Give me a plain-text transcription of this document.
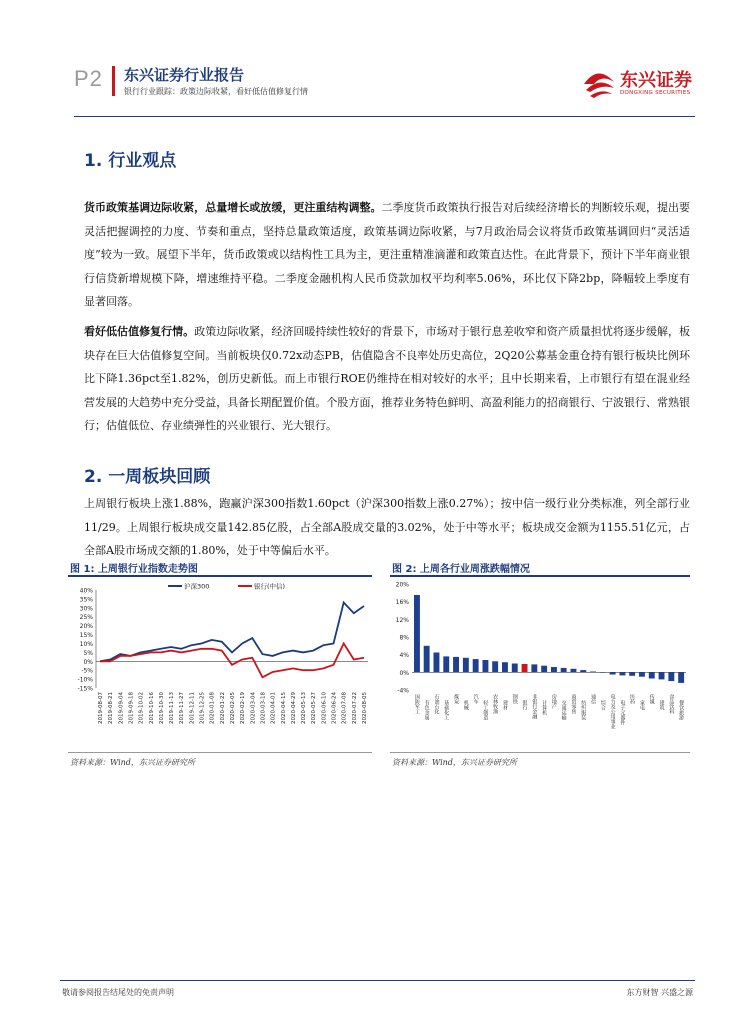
P2 东兴证券行业报告
银行行业跟踪：政策边际收紧，看好低估值修复行情
东兴证券
DONGXING SECURITIES
1. 行业观点
货币政策基调边际收紧，总量增长或放缓，更注重结构调整。二季度货币政策执行报告对后续经济增长的判断较乐观，提出要灵活把握调控的力度、节奏和重点，坚持总量政策适度，政策基调边际收紧，与7月政治局会议将货币政策基调回归“灵活适度”较为一致。展望下半年，货币政策或以结构性工具为主，更注重精准滴灌和政策直达性。在此背景下，预计下半年商业银行信贷新增规模下降，增速维持平稳。二季度金融机构人民币贷款加权平均利率5.06%，环比仅下降2bp，降幅较上季度有显著回落。
看好低估值修复行情。政策边际收紧，经济回暖持续性较好的背景下，市场对于银行息差收窄和资产质量担忧将逐步缓解，板块存在巨大估值修复空间。当前板块仅0.72x动态PB，估值隐含不良率处历史高位，2Q20公募基金重仓持有银行板块比例环比下降1.36pct至1.82%，创历史新低。而上市银行ROE仍维持在相对较好的水平；且中长期来看，上市银行有望在混业经营发展的大趋势中充分受益，具备长期配置价值。个股方面，推荐业务特色鲜明、高盈利能力的招商银行、宁波银行、常熟银行；估值低位、存业绩弹性的兴业银行、光大银行。
2. 一周板块回顾
上周银行板块上涨1.88%，跑赢沪深300指数1.60pct（沪深300指数上涨0.27%）；按中信一级行业分类标准，列全部行业11/29。上周银行板块成交量142.85亿股，占全部A股成交量的3.02%，处于中等水平；板块成交金额为1155.51亿元，占全部A股市场成交额的1.80%，处于中等偏后水平。
图 1: 上周银行业指数走势图
40%
35%
30%
25%
20%
15%
10%
5%
0%
-5%
-10%
-15%
2019-08-07 2019-08-21 2019-09-04 2019-09-18 2019-10-02 2019-10-16 2019-10-30 2019-11-13 2019-11-27 2019-12-11 2019-12-25 2020-01-08 2020-01-22 2020-02-05 2020-02-19 2020-03-04 2020-03-18 2020-04-01 2020-04-15 2020-04-29 2020-05-13 2020-05-27 2020-06-10 2020-06-24 2020-07-08 2020-07-22 2020-08-05
沪深300	银行(中信)
资料来源：Wind，东兴证券研究所
图 2: 上周各行业周涨跌幅情况
20%
16%
12%
8%
4%
0%
-4%
国防军工 有色金属 石油石化 基础化工
煤炭
机械
汽车
轻工制造 农林牧渔 建材
钢铁
银行 非银行金融 计算机 房地产 交通运输 商贸零售 纺织服装
通信
综合 电力及公用事业 电子元器件
医药
家电
传媒
建筑 食品饮料 餐饮旅游
资料来源：Wind，东兴证券研究所
敬请参阅报告结尾处的免责声明	东方财智 兴盛之源
